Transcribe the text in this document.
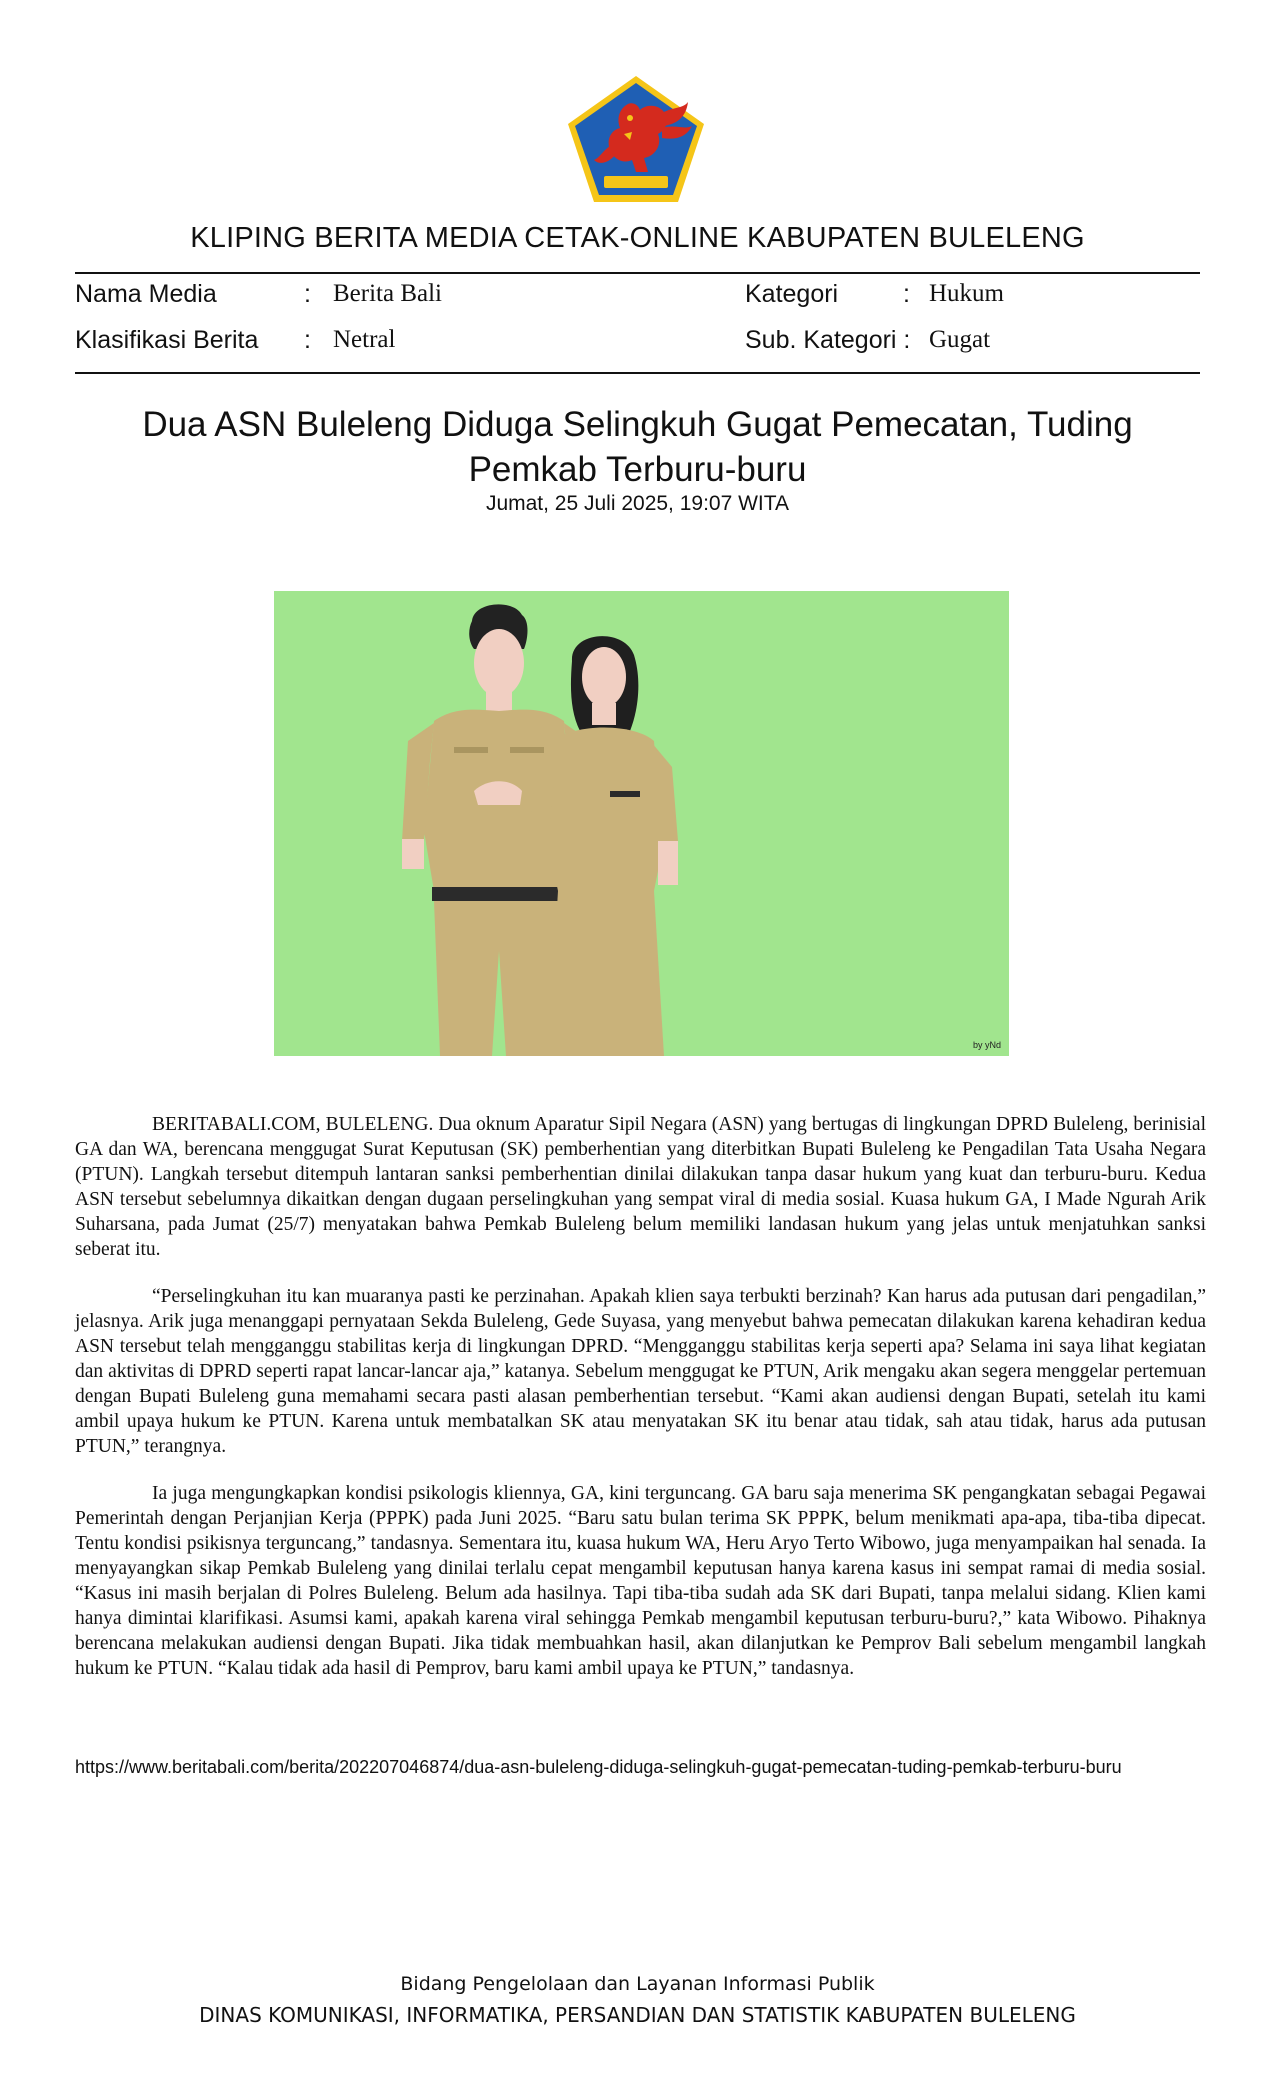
KLIPING BERITA MEDIA CETAK-ONLINE KABUPATEN BULELENG
Nama Media	: Berita Bali	Kategori	: Hukum
Klasifikasi Berita : Netral	Sub. Kategori : Gugat
Dua ASN Buleleng Diduga Selingkuh Gugat Pemecatan, Tuding Pemkab Terburu-buru
Jumat, 25 Juli 2025, 19:07 WITA
by yNd

BERITABALI.COM, BULELENG. Dua oknum Aparatur Sipil Negara (ASN) yang bertugas di lingkungan DPRD Buleleng, berinisial GA dan WA, berencana menggugat Surat Keputusan (SK) pemberhentian yang diterbitkan Bupati Buleleng ke Pengadilan Tata Usaha Negara (PTUN). Langkah tersebut ditempuh lantaran sanksi pemberhentian dinilai dilakukan tanpa dasar hukum yang kuat dan terburu-buru. Kedua ASN tersebut sebelumnya dikaitkan dengan dugaan perselingkuhan yang sempat viral di media sosial. Kuasa hukum GA, I Made Ngurah Arik Suharsana, pada Jumat (25/7) menyatakan bahwa Pemkab Buleleng belum memiliki landasan hukum yang jelas untuk menjatuhkan sanksi seberat itu.

“Perselingkuhan itu kan muaranya pasti ke perzinahan. Apakah klien saya terbukti berzinah? Kan harus ada putusan dari pengadilan,” jelasnya. Arik juga menanggapi pernyataan Sekda Buleleng, Gede Suyasa, yang menyebut bahwa pemecatan dilakukan karena kehadiran kedua ASN tersebut telah mengganggu stabilitas kerja di lingkungan DPRD. “Mengganggu stabilitas kerja seperti apa? Selama ini saya lihat kegiatan dan aktivitas di DPRD seperti rapat lancar-lancar aja,” katanya. Sebelum menggugat ke PTUN, Arik mengaku akan segera menggelar pertemuan dengan Bupati Buleleng guna memahami secara pasti alasan pemberhentian tersebut. “Kami akan audiensi dengan Bupati, setelah itu kami ambil upaya hukum ke PTUN. Karena untuk membatalkan SK atau menyatakan SK itu benar atau tidak, sah atau tidak, harus ada putusan PTUN,” terangnya.

Ia juga mengungkapkan kondisi psikologis kliennya, GA, kini terguncang. GA baru saja menerima SK pengangkatan sebagai Pegawai Pemerintah dengan Perjanjian Kerja (PPPK) pada Juni 2025. “Baru satu bulan terima SK PPPK, belum menikmati apa-apa, tiba-tiba dipecat. Tentu kondisi psikisnya terguncang,” tandasnya. Sementara itu, kuasa hukum WA, Heru Aryo Terto Wibowo, juga menyampaikan hal senada. Ia menyayangkan sikap Pemkab Buleleng yang dinilai terlalu cepat mengambil keputusan hanya karena kasus ini sempat ramai di media sosial. “Kasus ini masih berjalan di Polres Buleleng. Belum ada hasilnya. Tapi tiba-tiba sudah ada SK dari Bupati, tanpa melalui sidang. Klien kami hanya dimintai klarifikasi. Asumsi kami, apakah karena viral sehingga Pemkab mengambil keputusan terburu-buru?,” kata Wibowo. Pihaknya berencana melakukan audiensi dengan Bupati. Jika tidak membuahkan hasil, akan dilanjutkan ke Pemprov Bali sebelum mengambil langkah hukum ke PTUN. “Kalau tidak ada hasil di Pemprov, baru kami ambil upaya ke PTUN,” tandasnya.

https://www.beritabali.com/berita/202207046874/dua-asn-buleleng-diduga-selingkuh-gugat-pemecatan-tuding-pemkab-terburu-buru
Bidang Pengelolaan dan Layanan Informasi Publik
DINAS KOMUNIKASI, INFORMATIKA, PERSANDIAN DAN STATISTIK KABUPATEN BULELENG
